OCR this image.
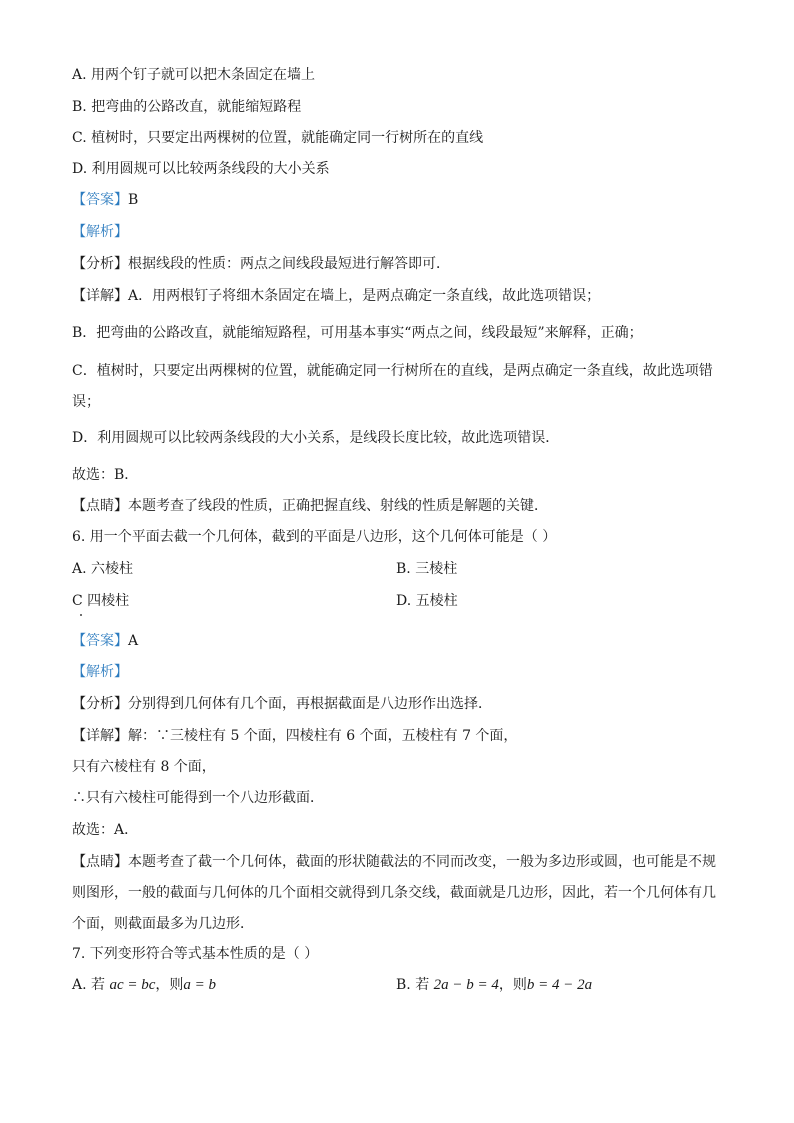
A. 用两个钉子就可以把木条固定在墙上
B. 把弯曲的公路改直，就能缩短路程
C. 植树时，只要定出两棵树的位置，就能确定同一行树所在的直线
D. 利用圆规可以比较两条线段的大小关系
【答案】B
【解析】
【分析】根据线段的性质：两点之间线段最短进行解答即可．
【详解】A．用两根钉子将细木条固定在墙上，是两点确定一条直线，故此选项错误；
B．把弯曲的公路改直，就能缩短路程，可用基本事实“两点之间，线段最短”来解释，正确；
C．植树时，只要定出两棵树的位置，就能确定同一行树所在的直线，是两点确定一条直线，故此选项错误；
D．利用圆规可以比较两条线段的大小关系，是线段长度比较，故此选项错误．
故选：B．
【点睛】本题考查了线段的性质，正确把握直线、射线的性质是解题的关键．
6. 用一个平面去截一个几何体，截到的平面是八边形，这个几何体可能是（ ）
A. 六棱柱	B. 三棱柱
C 四棱柱	D. 五棱柱
【答案】A
【解析】
【分析】分别得到几何体有几个面，再根据截面是八边形作出选择．
【详解】解：∵三棱柱有 5 个面，四棱柱有 6 个面，五棱柱有 7 个面，
只有六棱柱有 8 个面，
∴只有六棱柱可能得到一个八边形截面．
故选：A．
【点睛】本题考查了截一个几何体，截面的形状随截法的不同而改变，一般为多边形或圆，也可能是不规则图形，一般的截面与几何体的几个面相交就得到几条交线，截面就是几边形，因此，若一个几何体有几个面，则截面最多为几边形．
7. 下列变形符合等式基本性质的是（ ）
A. 若 ac = bc，则a = b	B. 若 2a − b = 4，则b = 4 − 2a
